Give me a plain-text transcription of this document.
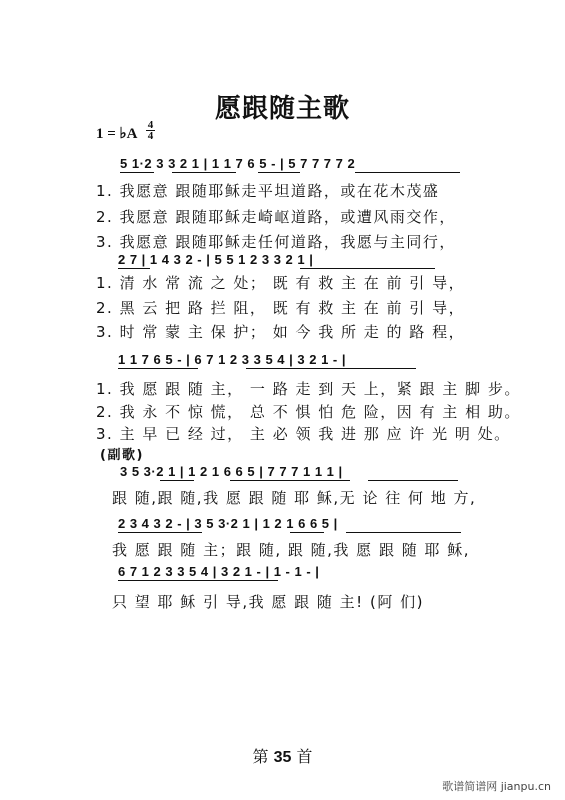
愿跟随主歌
1 = ♭A
4
4
5 1·2 3 3 2 1 | 1 1 7 6 5 - | 5 7 7 7 7 2
1. 我愿意 跟随耶稣走平坦道路，或在花木茂盛
2. 我愿意 跟随耶稣走崎岖道路，或遭风雨交作，
3. 我愿意 跟随耶稣走任何道路，我愿与主同行，
2 7 | 1 4 3 2 - | 5 5 1 2 3 3 2 1 |
1. 清 水 常 流 之 处； 既 有 救 主 在 前 引 导，
2. 黑 云 把 路 拦 阻， 既 有 救 主 在 前 引 导，
3. 时 常 蒙 主 保 护； 如 今 我 所 走 的 路 程，
1 1 7 6 5 - | 6 7 1 2 3 3 5 4 | 3 2 1 - |
1. 我 愿 跟 随 主， 一 路 走 到 天 上，紧 跟 主 脚 步。
2. 我 永 不 惊 慌， 总 不 惧 怕 危 险，因 有 主 相 助。
3. 主 早 已 经 过， 主 必 领 我 进 那 应 许 光 明 处。
(副歌)
3 5 3·2 1 | 1 2 1 6 6 5 | 7 7 7 1 1 1 |
跟 随,跟 随,我 愿 跟 随 耶 稣,无 论 往 何 地 方,
2 3 4 3 2 - | 3 5 3·2 1 | 1 2 1 6 6 5 |
我 愿 跟 随 主；跟 随, 跟 随,我 愿 跟 随 耶 稣,
6 7 1 2 3 3 5 4 | 3 2 1 - | 1 - 1 - |
只 望 耶 稣 引 导,我 愿 跟 随 主! (阿 们)
第 35 首
歌谱简谱网 jianpu.cn
